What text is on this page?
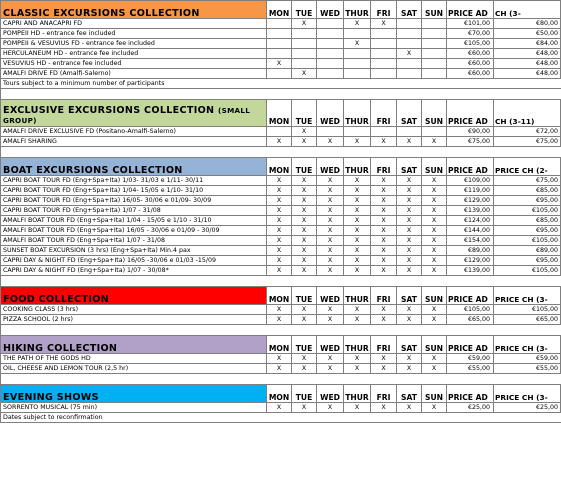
CLASSIC EXCURSIONS COLLECTION	MON	TUE	WED	THUR	FRI	SAT	SUN	PRICE AD	CH (3-
CAPRI AND ANACAPRI FD		X		X	X			€101,00	€80,00
POMPEII HD - entrance fee included								€70,00	€50,00
POMPEII & VESUVIUS FD - entrance fee included				X				€105,00	€84,00
HERCULANEUM HD - entrance fee included						X		€60,00	€48,00
VESUVIUS HD - entrance fee included	X							€60,00	€48,00
AMALFI DRIVE FD (Amalfi-Salerno)		X						€60,00	€48,00
Tours subject to a minimum number of participants									

EXCLUSIVE EXCURSIONS COLLECTION (SMALL GROUP)	MON	TUE	WED	THUR	FRI	SAT	SUN	PRICE AD	CH (3-11)
AMALFI DRIVE EXCLUSIVE FD (Positano-Amalfi-Salerno)		X						€90,00	€72,00
AMALFI SHARING	X	X	X	X	X	X	X	€75,00	€75,00

BOAT EXCURSIONS COLLECTION	MON	TUE	WED	THUR	FRI	SAT	SUN	PRICE AD	PRICE CH (2-
CAPRI BOAT TOUR FD (Eng+Spa+Ita) 1/03- 31/03 e 1/11- 30/11	X	X	X	X	X	X	X	€109,00	€75,00
CAPRI BOAT TOUR FD (Eng+Spa+Ita) 1/04- 15/05 e 1/10- 31/10	X	X	X	X	X	X	X	€119,00	€85,00
CAPRI BOAT TOUR FD (Eng+Spa+Ita) 16/05- 30/06 e 01/09- 30/09	X	X	X	X	X	X	X	€129,00	€95,00
CAPRI BOAT TOUR FD (Eng+Spa+Ita) 1/07 - 31/08	X	X	X	X	X	X	X	€139,00	€105,00
AMALFI BOAT TOUR FD (Eng+Spa+Ita) 1/04 - 15/05 e 1/10 - 31/10	X	X	X	X	X	X	X	€124,00	€85,00
AMALFI BOAT TOUR FD (Eng+Spa+Ita) 16/05 - 30/06 e 01/09 - 30/09	X	X	X	X	X	X	X	€144,00	€95,00
AMALFI BOAT TOUR FD (Eng+Spa+Ita) 1/07 - 31/08	X	X	X	X	X	X	X	€154,00	€105,00
SUNSET BOAT EXCURSION (3 hrs) (Eng+Spa+Ita) Min.4 pax	X	X	X	X	X	X	X	€89,00	€89,00
CAPRI DAY & NIGHT FD (Eng+Spa+Ita) 16/05 -30/06 e 01/03 -15/09	X	X	X	X	X	X	X	€129,00	€95,00
CAPRI DAY & NIGHT FD (Eng+Spa+Ita) 1/07 - 30/08*	X	X	X	X	X	X	X	€139,00	€105,00

FOOD COLLECTION	MON	TUE	WED	THUR	FRI	SAT	SUN	PRICE AD	PRICE CH (3-
COOKING CLASS (3 hrs)	X	X	X	X	X	X	X	€105,00	€105,00
PIZZA SCHOOL (2 hrs)	X	X	X	X	X	X	X	€65,00	€65,00

HIKING COLLECTION	MON	TUE	WED	THUR	FRI	SAT	SUN	PRICE AD	PRICE CH (3-
THE PATH OF THE GODS HD	X	X	X	X	X	X	X	€59,00	€59,00
OIL, CHEESE AND LEMON TOUR (2,5 hr)	X	X	X	X	X	X	X	€55,00	€55,00

EVENING SHOWS	MON	TUE	WED	THUR	FRI	SAT	SUN	PRICE AD	PRICE CH (3-
SORRENTO MUSICAL (75 min)	X	X	X	X	X	X	X	€25,00	€25,00
Dates subject to reconfirmation									
